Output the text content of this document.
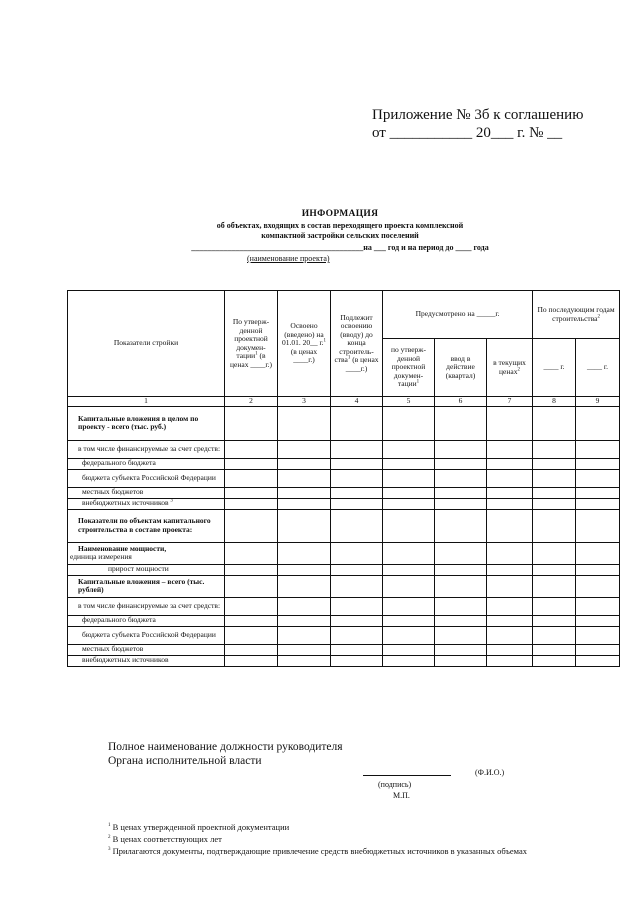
Приложение № 3б к соглашению
от ___________ 20___ г. № __
ИНФОРМАЦИЯ
об объектах, входящих в состав переходящего проекта комплексной
компактной застройки сельских поселений
___________________________________________на ___ год и на период до ____ года
(наименование проекта)
Показатели стройки	По утверж-денной проектной докумен-тации$^1$ (в ценах ____г.)	Освоено (введено) на 01.01. 20__ г.$^1$ (в ценах ____г.)	Подлежит освоению (вводу) до конца строитель-ства$^1$ (в ценах ____г.)	Предусмотрено на _____г.			По последующим годам строительства$^2$
				по утверж-денной проектной докумен-тации$^1$	ввод в действие (квартал)	в текущих ценах$^2$	____ г.	____ г.
1	2	3	4	5	6	7	8	9
Капитальные вложения в целом по проекту - всего (тыс. руб.)								
в том числе финансируемые за счет средств:								
федерального бюджета								
бюджета субъекта Российской Федерации								
местных бюджетов								
внебюджетных источников $^3$								
Показатели по объектам капитального строительства в составе проекта:								
Наименование мощности,
единица измерения								
прирост мощности								
Капитальные вложения – всего (тыс. рублей)								
в том числе финансируемые за счет средств:								
федерального бюджета								
бюджета субъекта Российской Федерации								
местных бюджетов								
внебюджетных источников								
Полное наименование должности руководителя
Органа исполнительной власти
(подпись)
(Ф.И.О.)
М.П.
$^1$ В ценах утвержденной проектной документации
$^2$ В ценах соответствующих лет
$^3$ Прилагаются документы, подтверждающие привлечение средств внебюджетных источников в указанных объемах
